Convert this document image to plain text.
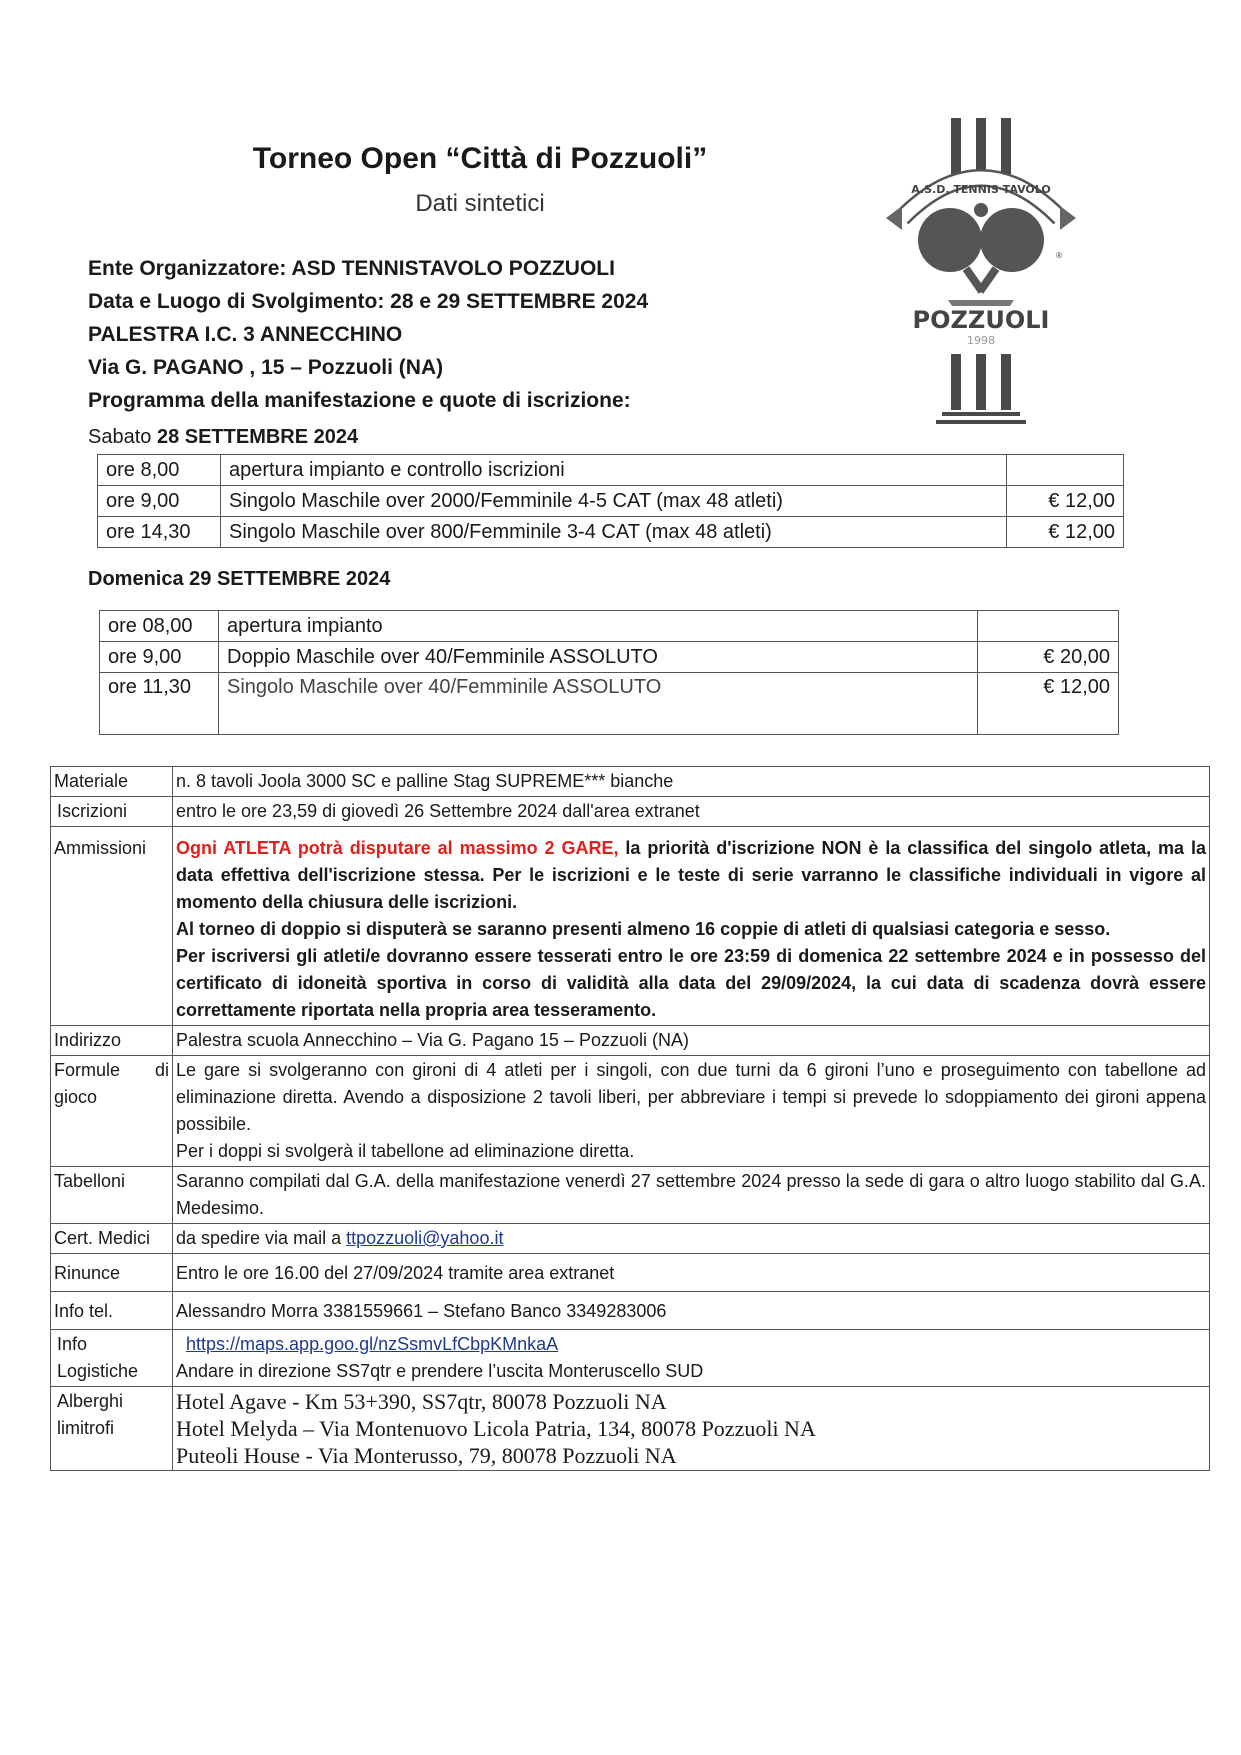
Torneo Open “Città di Pozzuoli”
Dati sintetici
®
A.S.D. TENNIS TAVOLO
POZZUOLI
1998
Ente Organizzatore: ASD TENNISTAVOLO POZZUOLI
Data e Luogo di Svolgimento: 28 e 29 SETTEMBRE 2024
PALESTRA I.C. 3 ANNECCHINO
Via G. PAGANO , 15 – Pozzuoli (NA)
Programma della manifestazione e quote di iscrizione:
Sabato 28 SETTEMBRE 2024
ore 8,00	apertura impianto e controllo iscrizioni	
ore 9,00	Singolo Maschile over 2000/Femminile 4-5 CAT (max 48 atleti)	€ 12,00
ore 14,30	Singolo Maschile over 800/Femminile 3-4 CAT (max 48 atleti)	€ 12,00
Domenica 29 SETTEMBRE 2024
ore 08,00	apertura impianto	
ore 9,00	Doppio Maschile over 40/Femminile ASSOLUTO	€ 20,00
ore 11,30	Singolo Maschile over 40/Femminile ASSOLUTO	€ 12,00
Materiale	n. 8 tavoli Joola 3000 SC e palline Stag SUPREME*** bianche
Iscrizioni	entro le ore 23,59 di giovedì 26 Settembre 2024 dall'area extranet
Ammissioni	Ogni ATLETA potrà disputare al massimo 2 GARE, la priorità d'iscrizione NON è la classifica del singolo atleta, ma la data effettiva dell'iscrizione stessa. Per le iscrizioni e le teste di serie varranno le classifiche individuali in vigore al momento della chiusura delle iscrizioni.
Al torneo di doppio si disputerà se saranno presenti almeno 16 coppie di atleti di qualsiasi categoria e sesso.
Per iscriversi gli atleti/e dovranno essere tesserati entro le ore 23:59 di domenica 22 settembre 2024 e in possesso del certificato di idoneità sportiva in corso di validità alla data del 29/09/2024, la cui data di scadenza dovrà essere correttamente riportata nella propria area tesseramento.
Indirizzo	Palestra scuola Annecchino – Via G. Pagano 15 – Pozzuoli (NA)
Formule di gioco	Le gare si svolgeranno con gironi di 4 atleti per i singoli, con due turni da 6 gironi l’uno e proseguimento con tabellone ad eliminazione diretta. Avendo a disposizione 2 tavoli liberi, per abbreviare i tempi si prevede lo sdoppiamento dei gironi appena possibile.
Per i doppi si svolgerà il tabellone ad eliminazione diretta.
Tabelloni	Saranno compilati dal G.A. della manifestazione venerdì 27 settembre 2024 presso la sede di gara o altro luogo stabilito dal G.A. Medesimo.
Cert. Medici	da spedire via mail a ttpozzuoli@yahoo.it
Rinunce	Entro le ore 16.00 del 27/09/2024 tramite area extranet
Info tel.	Alessandro Morra 3381559661 – Stefano Banco 3349283006
Info Logistiche	https://maps.app.goo.gl/nzSsmvLfCbpKMnkaA
Andare in direzione SS7qtr e prendere l’uscita Monteruscello SUD
Alberghi limitrofi	Hotel Agave - Km 53+390, SS7qtr, 80078 Pozzuoli NA
Hotel Melyda – Via Montenuovo Licola Patria, 134, 80078 Pozzuoli NA
Puteoli House - Via Monterusso, 79, 80078 Pozzuoli NA
